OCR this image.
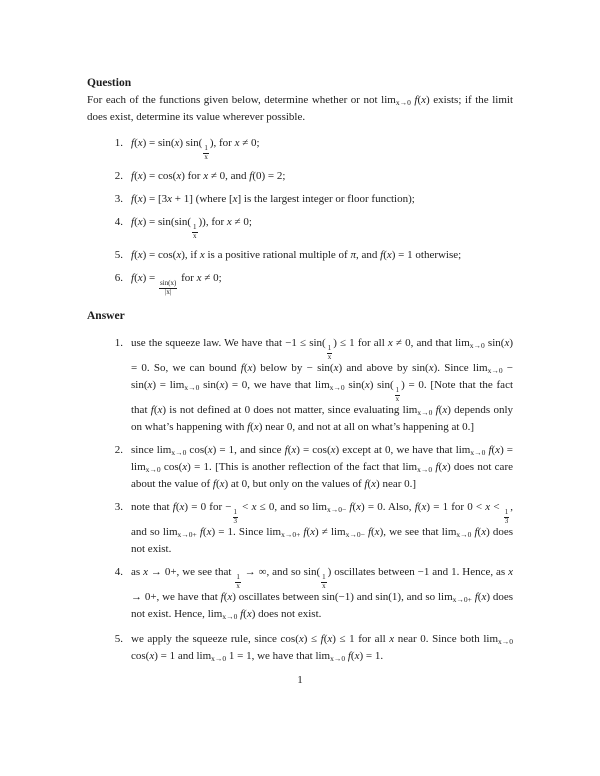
Question

For each of the functions given below, determine whether or not limx→0 f(x) exists; if the limit does exist, determine its value wherever possible.

1. f(x) = sin(x) sin(
$\frac{1}{x}$
), for x ≠ 0;
2. f(x) = cos(x) for x ≠ 0, and f(0) = 2;
3. f(x) = [3x + 1] (where [x] is the largest integer or floor function);
4. f(x) = sin(sin(
$\frac{1}{x}$
)), for x ≠ 0;
5. f(x) = cos(x), if x is a positive rational multiple of π, and f(x) = 1 otherwise;
6. f(x) =
$\frac{\sin(x)}{|x|}$
for x ≠ 0;
Answer
1. use the squeeze law. We have that −1 ≤ sin(
$\frac{1}{x}$
) ≤ 1 for all x ≠ 0, and that limx→0 sin(x) = 0. So, we can bound f(x) below by − sin(x) and above by sin(x). Since limx→0 − sin(x) = limx→0 sin(x) = 0, we have that limx→0 sin(x) sin(
$\frac{1}{x}$
) = 0. [Note that the fact that f(x) is not defined at 0 does not matter, since evaluating limx→0 f(x) depends only on what’s happening with f(x) near 0, and not at all on what’s happening at 0.]
2. since limx→0 cos(x) = 1, and since f(x) = cos(x) except at 0, we have that limx→0 f(x) = limx→0 cos(x) = 1. [This is another reflection of the fact that limx→0 f(x) does not care about the value of f(x) at 0, but only on the values of f(x) near 0.]
3. note that f(x) = 0 for −
$\frac{1}{3}$
< x ≤ 0, and so limx→0− f(x) = 0. Also, f(x) = 1 for 0 < x <
$\frac{1}{3}$
, and so limx→0+ f(x) = 1. Since limx→0+ f(x) ≠ limx→0− f(x), we see that limx→0 f(x) does not exist.
4. as x → 0+, we see that
$\frac{1}{x}$
→ ∞, and so sin(
$\frac{1}{x}$
) oscillates between −1 and 1. Hence, as x → 0+, we have that f(x) oscillates between sin(−1) and sin(1), and so limx→0+ f(x) does not exist. Hence, limx→0 f(x) does not exist.
5. we apply the squeeze rule, since cos(x) ≤ f(x) ≤ 1 for all x near 0. Since both limx→0 cos(x) = 1 and limx→0 1 = 1, we have that limx→0 f(x) = 1.
1
